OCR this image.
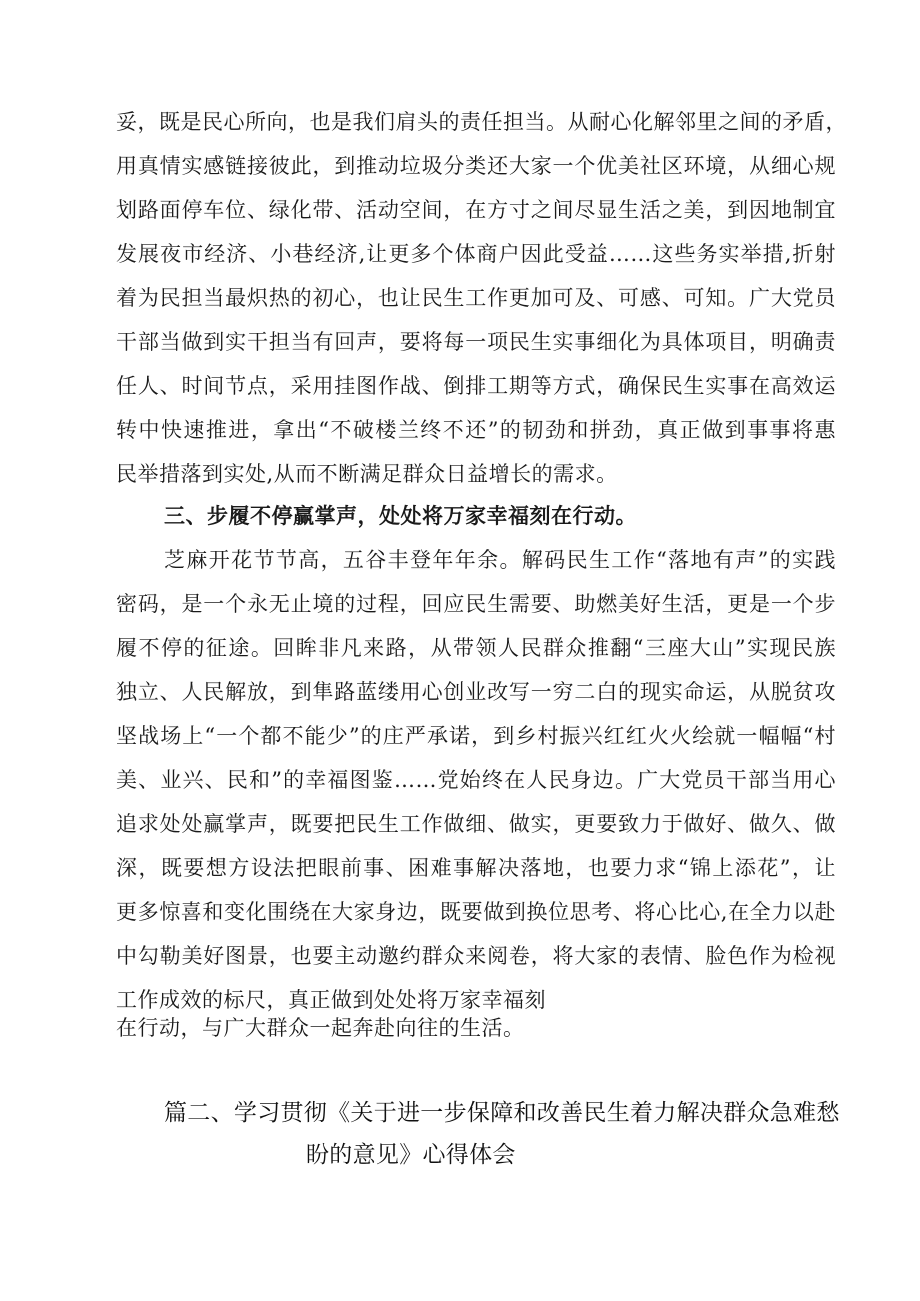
妥，既是民心所向，也是我们肩头的责任担当。从耐心化解邻里之间的矛盾，
用真情实感链接彼此，到推动垃圾分类还大家一个优美社区环境，从细心规
划路面停车位、绿化带、活动空间，在方寸之间尽显生活之美，到因地制宜
发展夜市经济、小巷经济,让更多个体商户因此受益……这些务实举措,折射
着为民担当最炽热的初心，也让民生工作更加可及、可感、可知。广大党员
干部当做到实干担当有回声，要将每一项民生实事细化为具体项目，明确责
任人、时间节点，采用挂图作战、倒排工期等方式，确保民生实事在高效运
转中快速推进，拿出“不破楼兰终不还”的韧劲和拼劲，真正做到事事将惠
民举措落到实处,从而不断满足群众日益增长的需求。
三、步履不停赢掌声，处处将万家幸福刻在行动。
芝麻开花节节高，五谷丰登年年余。解码民生工作“落地有声”的实践
密码，是一个永无止境的过程，回应民生需要、助燃美好生活，更是一个步
履不停的征途。回眸非凡来路，从带领人民群众推翻“三座大山”实现民族
独立、人民解放，到隼路蓝缕用心创业改写一穷二白的现实命运，从脱贫攻
坚战场上“一个都不能少”的庄严承诺，到乡村振兴红红火火绘就一幅幅“村
美、业兴、民和”的幸福图鉴……党始终在人民身边。广大党员干部当用心
追求处处赢掌声，既要把民生工作做细、做实，更要致力于做好、做久、做
深，既要想方设法把眼前事、困难事解决落地，也要力求“锦上添花”，让
更多惊喜和变化围绕在大家身边，既要做到换位思考、将心比心,在全力以赴
中勾勒美好图景，也要主动邀约群众来阅卷，将大家的表情、脸色作为检视
工作成效的标尺，真正做到处处将万家幸福刻
在行动，与广大群众一起奔赴向往的生活。
篇二、学习贯彻《关于进一步保障和改善民生着力解决群众急难愁
盼的意见》心得体会
